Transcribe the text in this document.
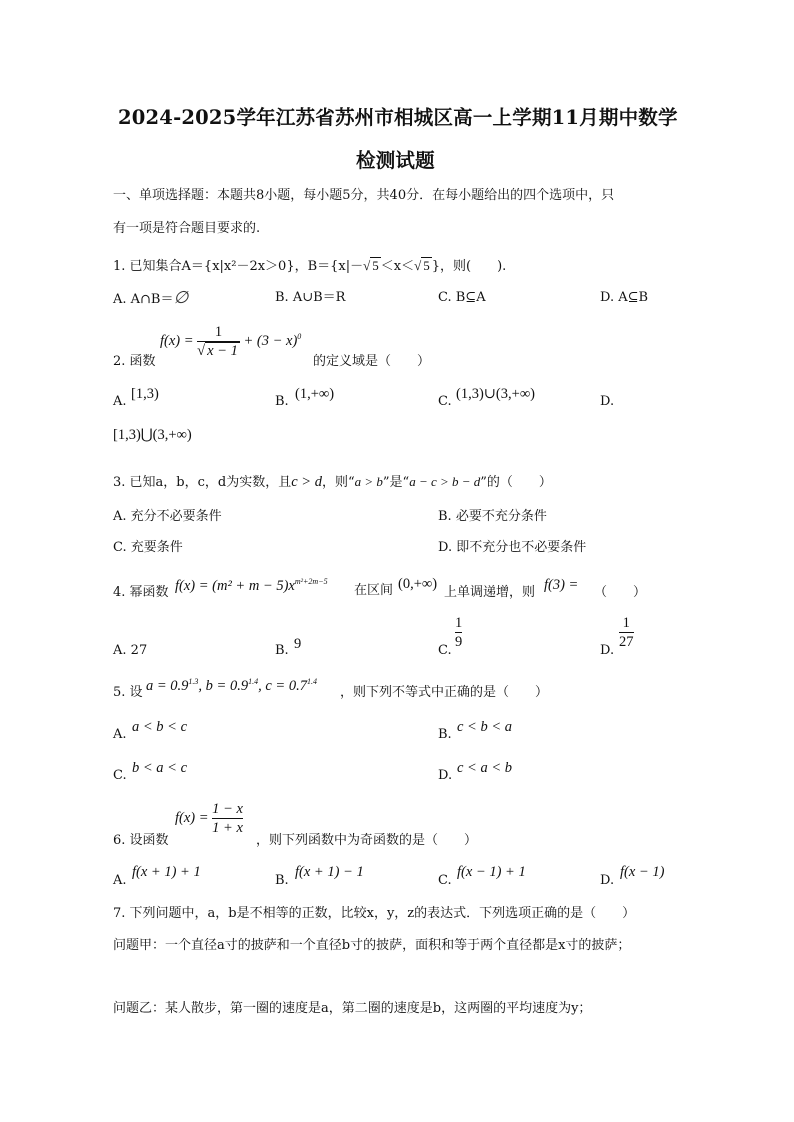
2024-2025学年江苏省苏州市相城区高一上学期11月期中数学
检测试题
一、单项选择题：本题共8小题，每小题5分，共40分．在每小题给出的四个选项中，只
有一项是符合题目要求的.
1. 已知集合A＝{x|x²－2x＞0}，B＝{x|－√ 5 ＜x＜√ 5 }，则(　　).
A. A∩B＝∅	B. A∪B＝R	C. B⊆A	D. A⊆B
2. 函数
$f(x) = \frac{1}{√ x - 1} + (3 - x)^0$
的定义域是（　　）
A. [1,3)	B. (1,+∞)	C. (1,3)∪(3,+∞)	D.
[1,3)⋃(3,+∞)
3. 已知a，b，c，d为实数，且c > d，则“a > b”是“a − c > b − d”的（　　）
A. 充分不必要条件	B. 必要不充分条件
C. 充要条件	D. 即不充分也不必要条件
4. 幂函数 $f(x) = (m^2 + m - 5)x^{m^2+2m-5}$
在区间 (0,+∞)
上单调递增，则 f(3) = （　　）
A. 27	B. 9	C.
$\frac{1}{9}$
D.
$\frac{1}{27}$
5. 设 $a = 0.9^{1.3}$, $b = 0.9^{1.4}$, $c = 0.7^{1.4}$
，则下列不等式中正确的是（　　）
A. a < b < c	B. c < b < a
C. b < a < c	D. c < a < b
6. 设函数
$f(x) = \frac{1 - x}{1 + x}$
，则下列函数中为奇函数的是（　　）
A.
f(x + 1) + 1
B.
f(x + 1) − 1
C.
f(x − 1) + 1
D.
f(x − 1)
7. 下列问题中，a，b是不相等的正数，比较x，y，z的表达式．下列选项正确的是（　　）
问题甲：一个直径a寸的披萨和一个直径b寸的披萨，面积和等于两个直径都是x寸的披萨；
问题乙：某人散步，第一圈的速度是a，第二圈的速度是b，这两圈的平均速度为y；
